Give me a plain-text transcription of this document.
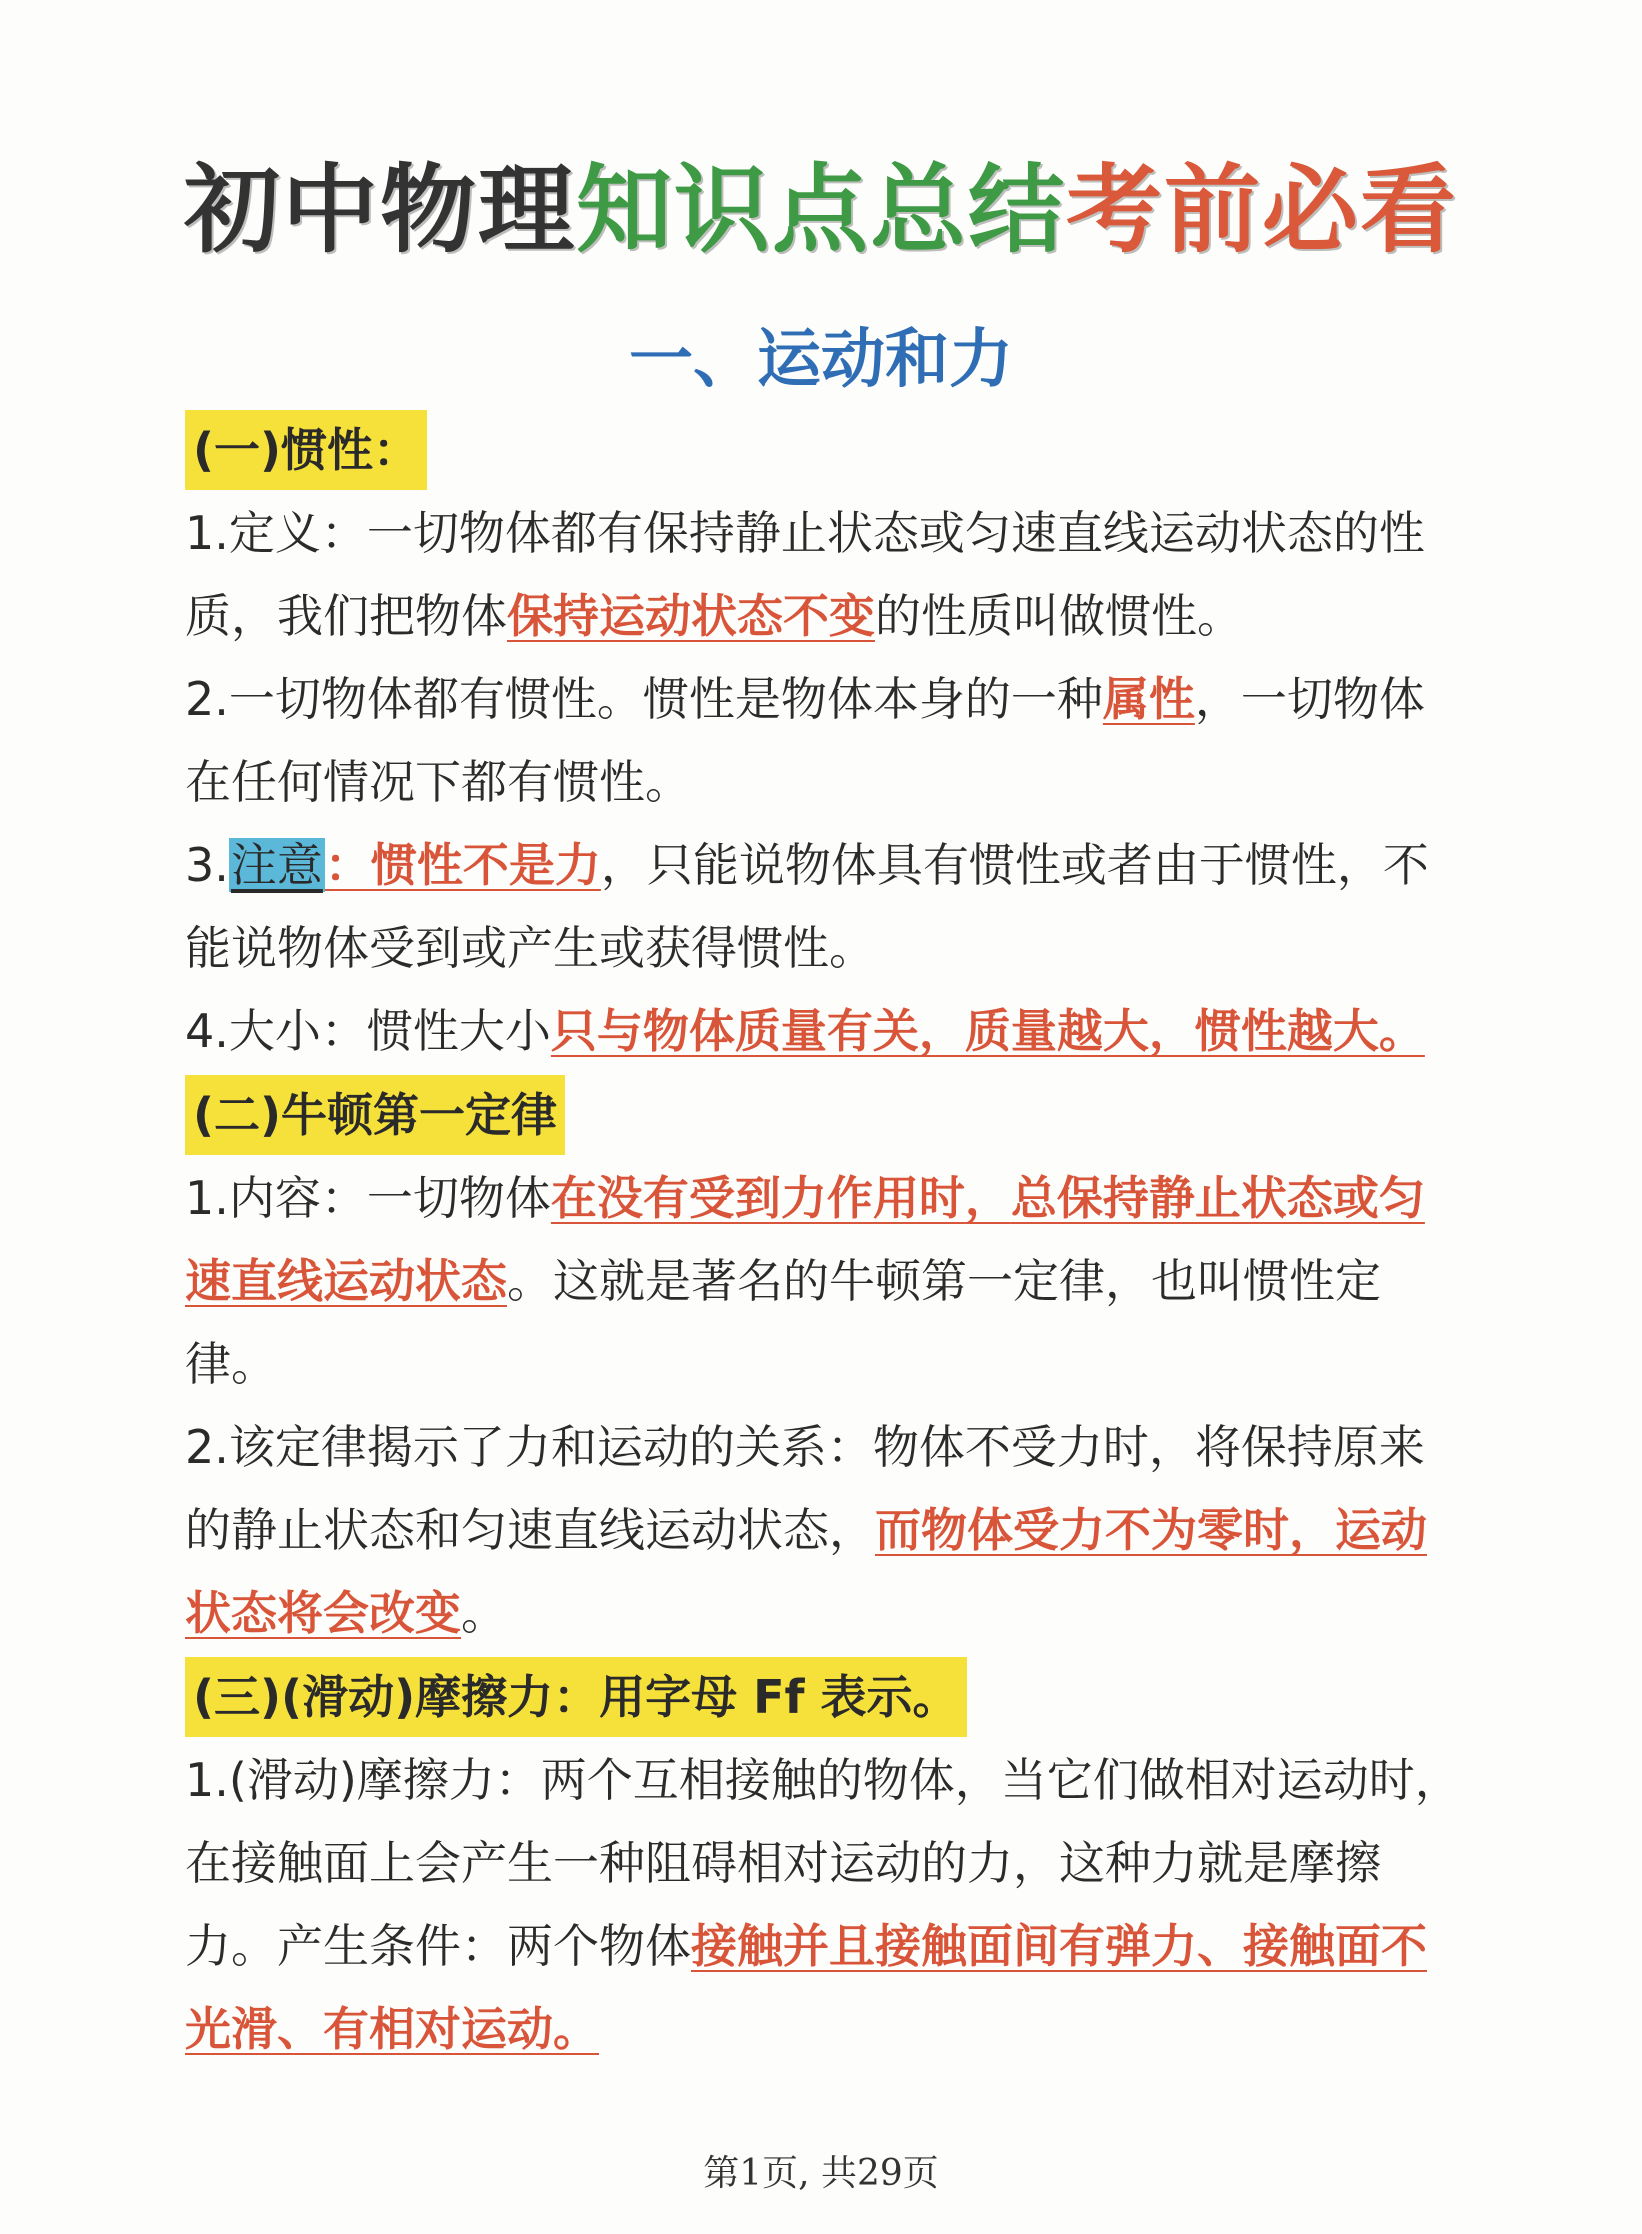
初中物理知识点总结考前必看
一、运动和力

(一)惯性：

1.定义：一切物体都有保持静止状态或匀速直线运动状态的性质，我们把物体保持运动状态不变的性质叫做惯性。

2.一切物体都有惯性。惯性是物体本身的一种属性，一切物体在任何情况下都有惯性。

3.注意：惯性不是力，只能说物体具有惯性或者由于惯性，不能说物体受到或产生或获得惯性。

4.大小：惯性大小只与物体质量有关，质量越大，惯性越大。

(二)牛顿第一定律

1.内容：一切物体在没有受到力作用时，总保持静止状态或匀速直线运动状态。这就是著名的牛顿第一定律，也叫惯性定律。

2.该定律揭示了力和运动的关系：物体不受力时，将保持原来的静止状态和匀速直线运动状态，而物体受力不为零时，运动状态将会改变。

(三)(滑动)摩擦力：用字母 Ff 表示。

1.(滑动)摩擦力：两个互相接触的物体，当它们做相对运动时，在接触面上会产生一种阻碍相对运动的力，这种力就是摩擦力。产生条件：两个物体接触并且接触面间有弹力、接触面不光滑、有相对运动。

第1页, 共29页
